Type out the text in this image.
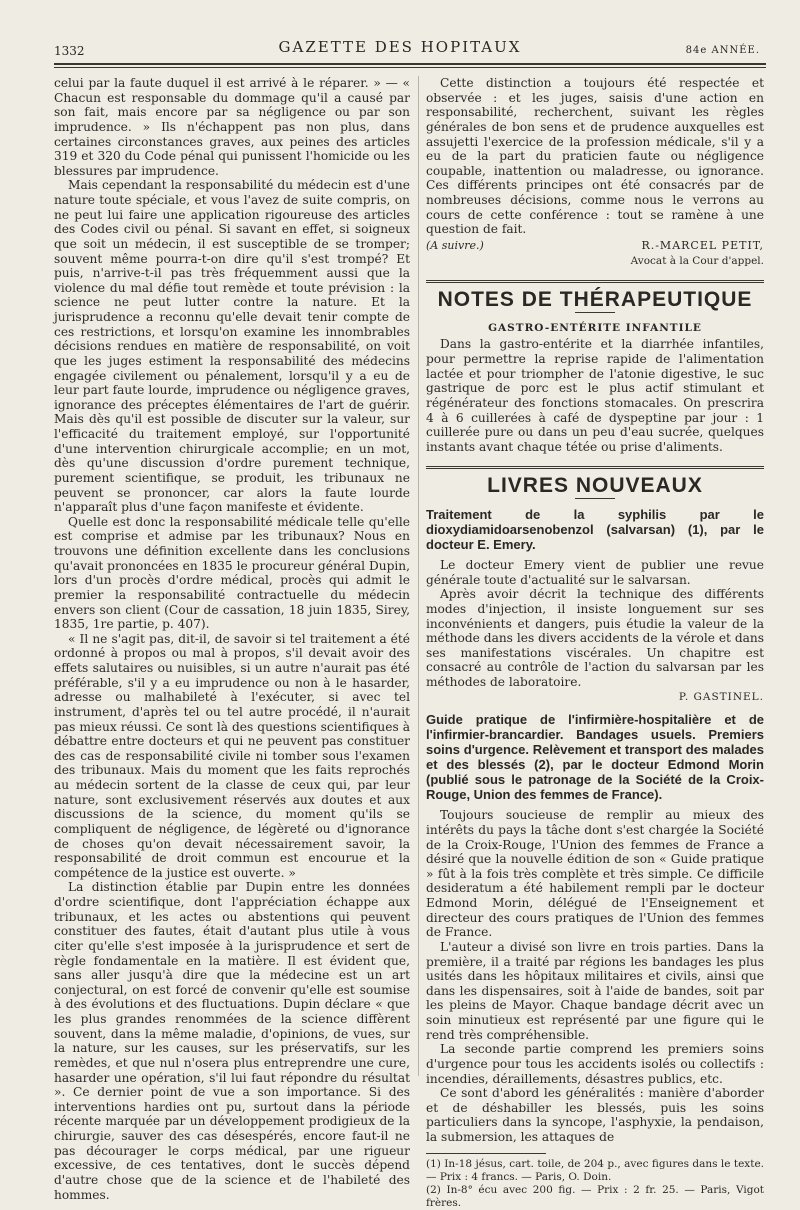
1332	GAZETTE DES HOPITAUX	84e ANNÉE.

celui par la faute duquel il est arrivé à le réparer. » — « Chacun est responsable du dommage qu'il a causé par son fait, mais encore par sa négligence ou par son imprudence. » Ils n'échappent pas non plus, dans certaines circonstances graves, aux peines des articles 319 et 320 du Code pénal qui punissent l'homicide ou les blessures par imprudence.

Mais cependant la responsabilité du médecin est d'une nature toute spéciale, et vous l'avez de suite compris, on ne peut lui faire une application rigoureuse des articles des Codes civil ou pénal. Si savant en effet, si soigneux que soit un médecin, il est susceptible de se tromper; souvent même pourra-t-on dire qu'il s'est trompé? Et puis, n'arrive-t-il pas très fréquemment aussi que la violence du mal défie tout remède et toute prévision : la science ne peut lutter contre la nature. Et la jurisprudence a reconnu qu'elle devait tenir compte de ces restrictions, et lorsqu'on examine les innombrables décisions rendues en matière de responsabilité, on voit que les juges estiment la responsabilité des médecins engagée civilement ou pénalement, lorsqu'il y a eu de leur part faute lourde, imprudence ou négligence graves, ignorance des préceptes élémentaires de l'art de guérir. Mais dès qu'il est possible de discuter sur la valeur, sur l'efficacité du traitement employé, sur l'opportunité d'une intervention chirurgicale accomplie; en un mot, dès qu'une discussion d'ordre purement technique, purement scientifique, se produit, les tribunaux ne peuvent se prononcer, car alors la faute lourde n'apparaît plus d'une façon manifeste et évidente.

Quelle est donc la responsabilité médicale telle qu'elle est comprise et admise par les tribunaux? Nous en trouvons une définition excellente dans les conclusions qu'avait prononcées en 1835 le procureur général Dupin, lors d'un procès d'ordre médical, procès qui admit le premier la responsabilité contractuelle du médecin envers son client (Cour de cassation, 18 juin 1835, Sirey, 1835, 1re partie, p. 407).

« Il ne s'agit pas, dit-il, de savoir si tel traitement a été ordonné à propos ou mal à propos, s'il devait avoir des effets salutaires ou nuisibles, si un autre n'aurait pas été préférable, s'il y a eu imprudence ou non à le hasarder, adresse ou malhabileté à l'exécuter, si avec tel instrument, d'après tel ou tel autre procédé, il n'aurait pas mieux réussi. Ce sont là des questions scientifiques à débattre entre docteurs et qui ne peuvent pas constituer des cas de responsabilité civile ni tomber sous l'examen des tribunaux. Mais du moment que les faits reprochés au médecin sortent de la classe de ceux qui, par leur nature, sont exclusivement réservés aux doutes et aux discussions de la science, du moment qu'ils se compliquent de négligence, de légèreté ou d'ignorance de choses qu'on devait nécessairement savoir, la responsabilité de droit commun est encourue et la compétence de la justice est ouverte. »

La distinction établie par Dupin entre les données d'ordre scientifique, dont l'appréciation échappe aux tribunaux, et les actes ou abstentions qui peuvent constituer des fautes, était d'autant plus utile à vous citer qu'elle s'est imposée à la jurisprudence et sert de règle fondamentale en la matière. Il est évident que, sans aller jusqu'à dire que la médecine est un art conjectural, on est forcé de convenir qu'elle est soumise à des évolutions et des fluctuations. Dupin déclare « que les plus grandes renommées de la science diffèrent souvent, dans la même maladie, d'opinions, de vues, sur la nature, sur les causes, sur les préservatifs, sur les remèdes, et que nul n'osera plus entreprendre une cure, hasarder une opération, s'il lui faut répondre du résultat ». Ce dernier point de vue a son importance. Si des interventions hardies ont pu, surtout dans la période récente marquée par un développement prodigieux de la chirurgie, sauver des cas désespérés, encore faut-il ne pas décourager le corps médical, par une rigueur excessive, de ces tentatives, dont le succès dépend d'autre chose que de la science et de l'habileté des hommes.

Cette distinction a toujours été respectée et observée : et les juges, saisis d'une action en responsabilité, recherchent, suivant les règles générales de bon sens et de prudence auxquelles est assujetti l'exercice de la profession médicale, s'il y a eu de la part du praticien faute ou négligence coupable, inattention ou maladresse, ou ignorance. Ces différents principes ont été consacrés par de nombreuses décisions, comme nous le verrons au cours de cette conférence : tout se ramène à une question de fait.

(A suivre.)	R.-MARCEL PETIT,
Avocat à la Cour d'appel.
NOTES DE THÉRAPEUTIQUE
GASTRO-ENTÉRITE INFANTILE

Dans la gastro-entérite et la diarrhée infantiles, pour permettre la reprise rapide de l'alimentation lactée et pour triompher de l'atonie digestive, le suc gastrique de porc est le plus actif stimulant et régénérateur des fonctions stomacales. On prescrira 4 à 6 cuillerées à café de dyspeptine par jour : 1 cuillerée pure ou dans un peu d'eau sucrée, quelques instants avant chaque tétée ou prise d'aliments.

LIVRES NOUVEAUX
Traitement de la syphilis par le dioxydiamidoarsenobenzol (salvarsan) (1), par le docteur E. Emery.

Le docteur Emery vient de publier une revue générale toute d'actualité sur le salvarsan.

Après avoir décrit la technique des différents modes d'injection, il insiste longuement sur ses inconvénients et dangers, puis étudie la valeur de la méthode dans les divers accidents de la vérole et dans ses manifestations viscérales. Un chapitre est consacré au contrôle de l'action du salvarsan par les méthodes de laboratoire.

P. GASTINEL.
Guide pratique de l'infirmière-hospitalière et de l'infirmier-brancardier. Bandages usuels. Premiers soins d'urgence. Relèvement et transport des malades et des blessés (2), par le docteur Edmond Morin (publié sous le patronage de la Société de la Croix-Rouge, Union des femmes de France).

Toujours soucieuse de remplir au mieux des intérêts du pays la tâche dont s'est chargée la Société de la Croix-Rouge, l'Union des femmes de France a désiré que la nouvelle édition de son « Guide pratique » fût à la fois très complète et très simple. Ce difficile desideratum a été habilement rempli par le docteur Edmond Morin, délégué de l'Enseignement et directeur des cours pratiques de l'Union des femmes de France.

L'auteur a divisé son livre en trois parties. Dans la première, il a traité par régions les bandages les plus usités dans les hôpitaux militaires et civils, ainsi que dans les dispensaires, soit à l'aide de bandes, soit par les pleins de Mayor. Chaque bandage décrit avec un soin minutieux est représenté par une figure qui le rend très compréhensible.

La seconde partie comprend les premiers soins d'urgence pour tous les accidents isolés ou collectifs : incendies, déraillements, désastres publics, etc.

Ce sont d'abord les généralités : manière d'aborder et de déshabiller les blessés, puis les soins particuliers dans la syncope, l'asphyxie, la pendaison, la submersion, les attaques de

(1) In-18 jésus, cart. toile, de 204 p., avec figures dans le texte. — Prix : 4 francs. — Paris, O. Doin.
(2) In-8° écu avec 200 fig. — Prix : 2 fr. 25. — Paris, Vigot frères.
